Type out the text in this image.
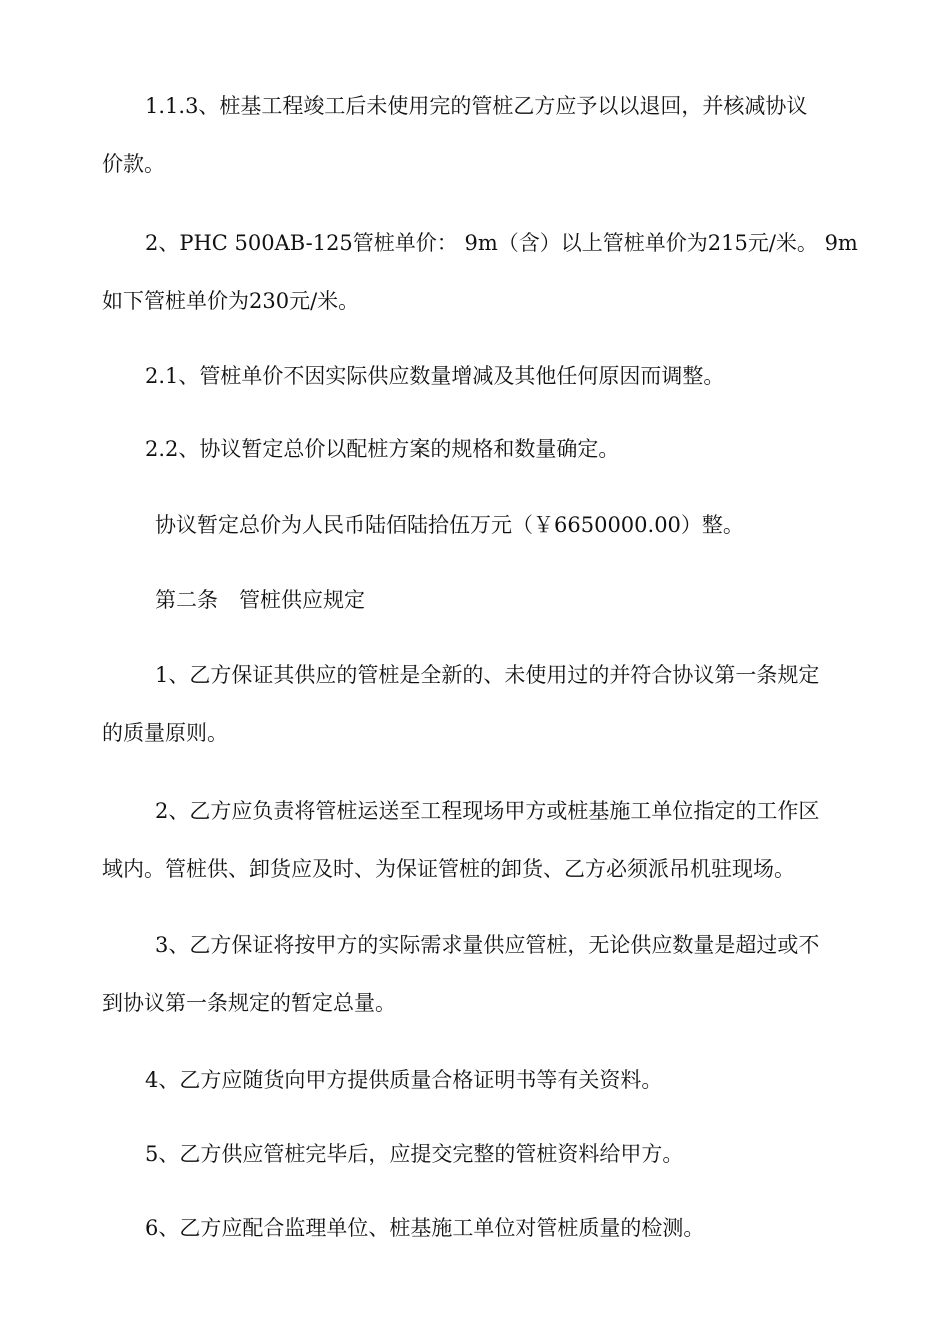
1.1.3、桩基工程竣工后未使用完的管桩乙方应予以以退回，并核减协议
价款。
2、PHC 500AB-125管桩单价： 9m（含）以上管桩单价为215元/米。 9m
如下管桩单价为230元/米。
2.1、管桩单价不因实际供应数量增减及其他任何原因而调整。
2.2、协议暂定总价以配桩方案的规格和数量确定。
协议暂定总价为人民币陆佰陆拾伍万元（￥6650000.00）整。
第二条　管桩供应规定
1、乙方保证其供应的管桩是全新的、未使用过的并符合协议第一条规定
的质量原则。
2、乙方应负责将管桩运送至工程现场甲方或桩基施工单位指定的工作区
域内。管桩供、卸货应及时、为保证管桩的卸货、乙方必须派吊机驻现场。
3、乙方保证将按甲方的实际需求量供应管桩，无论供应数量是超过或不
到协议第一条规定的暂定总量。
4、乙方应随货向甲方提供质量合格证明书等有关资料。
5、乙方供应管桩完毕后，应提交完整的管桩资料给甲方。
6、乙方应配合监理单位、桩基施工单位对管桩质量的检测。
